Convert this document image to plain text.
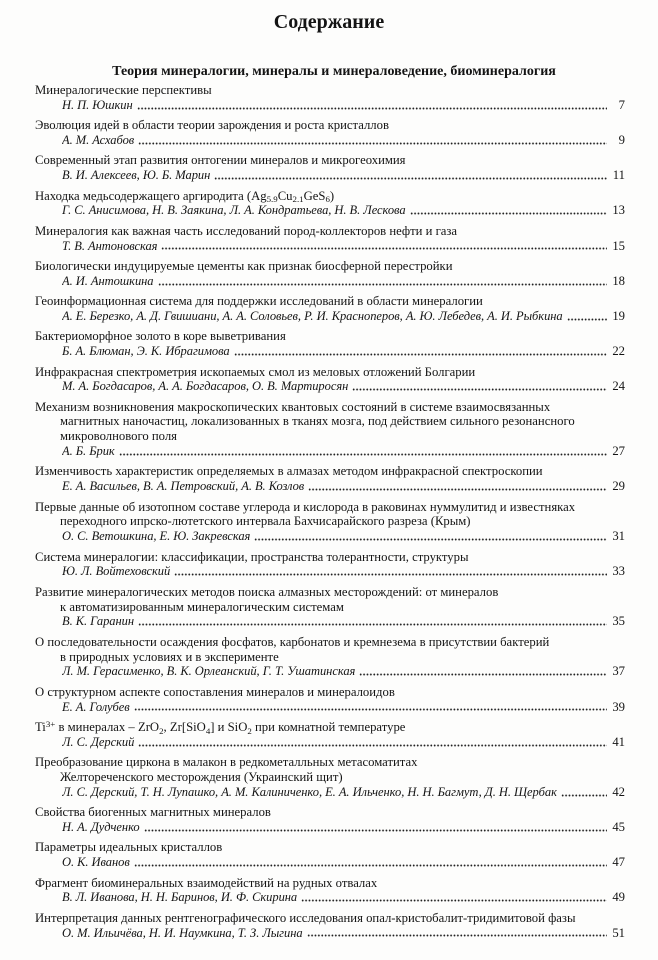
Содержание
Теория минералогии, минералы и минераловедение, биоминералогия
Минералогические перспективы
Н. П. Юшкин	7
Эволюция идей в области теории зарождения и роста кристаллов
А. М. Асхабов	9
Современный этап развития онтогении минералов и микрогеохимия
В. И. Алексеев, Ю. Б. Марин	11
Находка медьсодержащего аргиродита $(Ag_{5.9}Cu_{2.1}GeS_6)$
Г. С. Анисимова, Н. В. Заякина, Л. А. Кондратьева, Н. В. Лескова	13
Минералогия как важная часть исследований пород-коллекторов нефти и газа
Т. В. Антоновская	15
Биологически индуцируемые цементы как признак биосферной перестройки
А. И. Антошкина	18
Геоинформационная система для поддержки исследований в области минералогии
А. Е. Березко, А. Д. Гвишиани, А. А. Соловьев, Р. И. Красноперов, А. Ю. Лебедев, А. И. Рыбкина	19
Бактериоморфное золото в коре выветривания
Б. А. Блюман, Э. К. Ибрагимова	22
Инфракрасная спектрометрия ископаемых смол из меловых отложений Болгарии
М. А. Богдасаров, А. А. Богдасаров, О. В. Мартиросян	24
Механизм возникновения макроскопических квантовых состояний в системе взаимосвязанных
магнитных наночастиц, локализованных в тканях мозга, под действием сильного резонансного
микроволнового поля
А. Б. Брик	27
Изменчивость характеристик определяемых в алмазах методом инфракрасной спектроскопии
Е. А. Васильев, В. А. Петровский, А. В. Козлов	29
Первые данные об изотопном составе углерода и кислорода в раковинах нуммулитид и известняках
переходного ипрско-лютетского интервала Бахчисарайского разреза (Крым)
О. С. Ветошкина, Е. Ю. Закревская	31
Система минералогии: классификации, пространства толерантности, структуры
Ю. Л. Войтеховский	33
Развитие минералогических методов поиска алмазных месторождений: от минералов
к автоматизированным минералогическим системам
В. К. Гаранин	35
О последовательности осаждения фосфатов, карбонатов и кремнезема в присутствии бактерий
в природных условиях и в эксперименте
Л. М. Герасименко, В. К. Орлеанский, Г. Т. Ушатинская	37
О структурном аспекте сопоставления минералов и минералоидов
Е. А. Голубев	39
$Ti^{3+}$ в минералах – ZrO$_2$, Zr[SiO$_4$] и SiO$_2$ при комнатной температуре
Л. С. Дерский	41
Преобразование циркона в малакон в редкометалльных метасоматитах
Желтореченского месторождения (Украинский щит)
Л. С. Дерский, Т. Н. Лупашко, А. М. Калиниченко, Е. А. Ильченко, Н. Н. Багмут, Д. Н. Щербак	42
Свойства биогенных магнитных минералов
Н. А. Дудченко	45
Параметры идеальных кристаллов
О. К. Иванов	47
Фрагмент биоминеральных взаимодействий на рудных отвалах
В. Л. Иванова, Н. Н. Баринов, И. Ф. Скирина	49
Интерпретация данных рентгенографического исследования опал-кристобалит-тридимитовой фазы
О. М. Ильичёва, Н. И. Наумкина, Т. З. Лыгина	51
